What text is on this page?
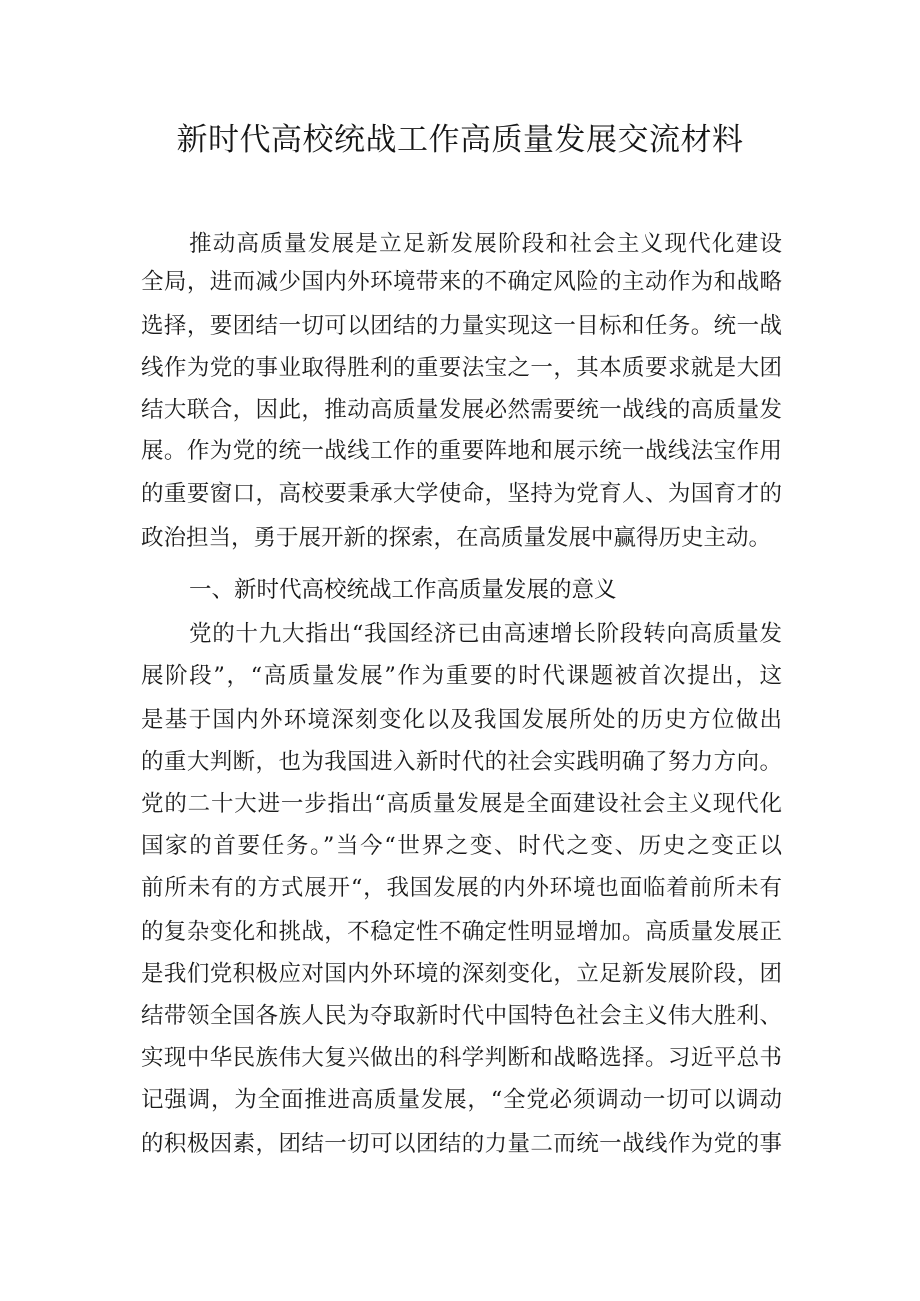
新时代高校统战工作高质量发展交流材料
推动高质量发展是立足新发展阶段和社会主义现代化建设
全局，进而减少国内外环境带来的不确定风险的主动作为和战略
选择，要团结一切可以团结的力量实现这一目标和任务。统一战
线作为党的事业取得胜利的重要法宝之一，其本质要求就是大团
结大联合，因此，推动高质量发展必然需要统一战线的高质量发
展。作为党的统一战线工作的重要阵地和展示统一战线法宝作用
的重要窗口，高校要秉承大学使命，坚持为党育人、为国育才的
政治担当，勇于展开新的探索，在高质量发展中赢得历史主动。
一、新时代高校统战工作高质量发展的意义
党的十九大指出“我国经济已由高速增长阶段转向高质量发
展阶段”，“高质量发展”作为重要的时代课题被首次提出，这
是基于国内外环境深刻变化以及我国发展所处的历史方位做出
的重大判断，也为我国进入新时代的社会实践明确了努力方向。
党的二十大进一步指出“高质量发展是全面建设社会主义现代化
国家的首要任务。”当今“世界之变、时代之变、历史之变正以
前所未有的方式展开“，我国发展的内外环境也面临着前所未有
的复杂变化和挑战，不稳定性不确定性明显增加。高质量发展正
是我们党积极应对国内外环境的深刻变化，立足新发展阶段，团
结带领全国各族人民为夺取新时代中国特色社会主义伟大胜利、
实现中华民族伟大复兴做出的科学判断和战略选择。习近平总书
记强调，为全面推进高质量发展，“全党必须调动一切可以调动
的积极因素，团结一切可以团结的力量二而统一战线作为党的事
